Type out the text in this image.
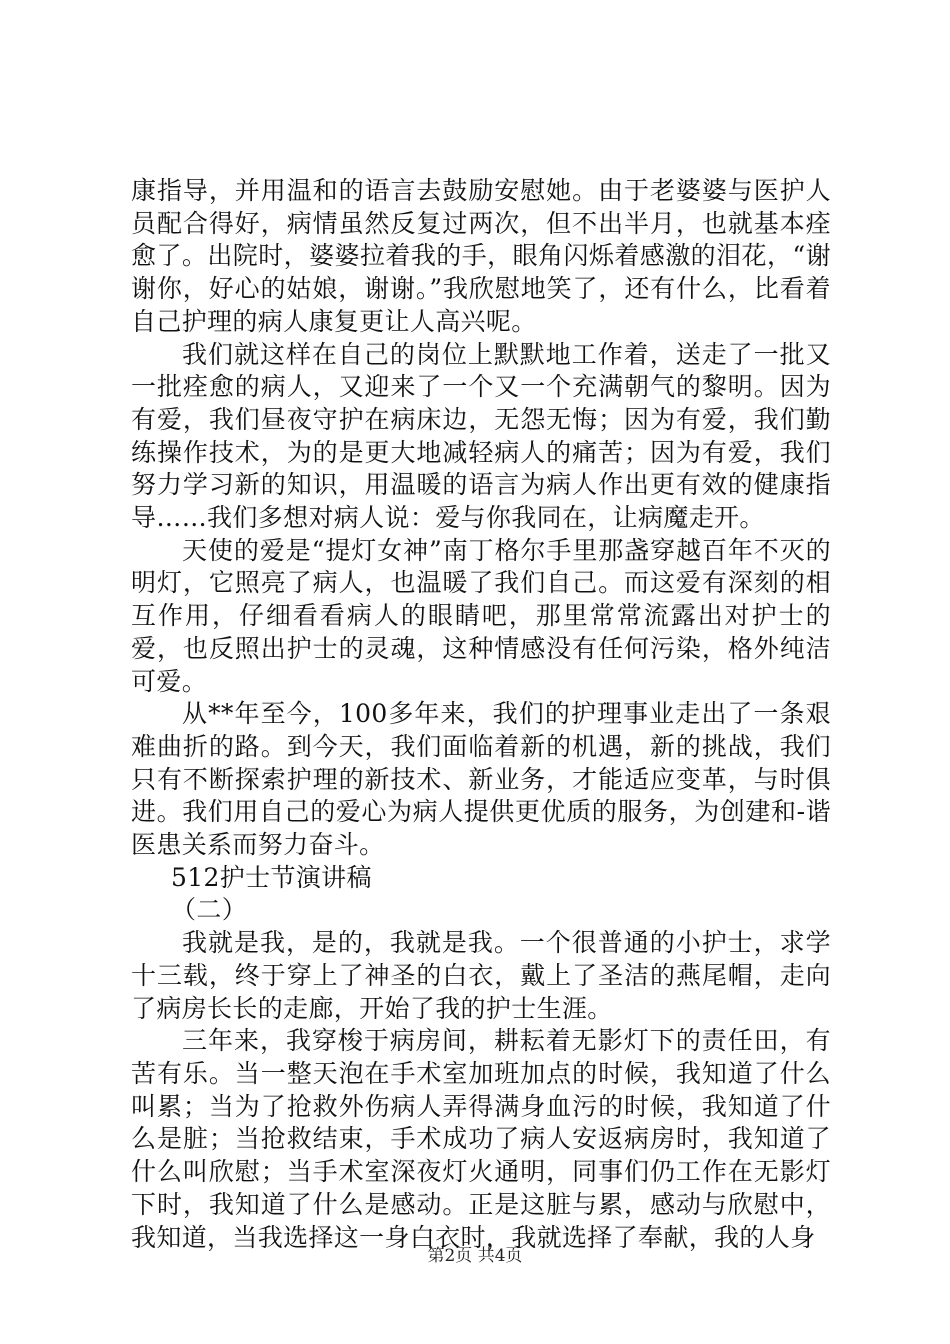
康指导，并用温和的语言去鼓励安慰她。由于老婆婆与医护人员配合得好，病情虽然反复过两次，但不出半月，也就基本痊愈了。出院时，婆婆拉着我的手，眼角闪烁着感激的泪花，“谢谢你，好心的姑娘，谢谢。”我欣慰地笑了，还有什么，比看着自己护理的病人康复更让人高兴呢。

我们就这样在自己的岗位上默默地工作着，送走了一批又一批痊愈的病人，又迎来了一个又一个充满朝气的黎明。因为有爱，我们昼夜守护在病床边，无怨无悔；因为有爱，我们勤练操作技术，为的是更大地减轻病人的痛苦；因为有爱，我们努力学习新的知识，用温暖的语言为病人作出更有效的健康指导……我们多想对病人说：爱与你我同在，让病魔走开。

天使的爱是“提灯女神”南丁格尔手里那盏穿越百年不灭的明灯，它照亮了病人，也温暖了我们自己。而这爱有深刻的相互作用，仔细看看病人的眼睛吧，那里常常流露出对护士的爱，也反照出护士的灵魂，这种情感没有任何污染，格外纯洁可爱。

从**年至今，100多年来，我们的护理事业走出了一条艰难曲折的路。到今天，我们面临着新的机遇，新的挑战，我们只有不断探索护理的新技术、新业务，才能适应变革，与时俱进。我们用自己的爱心为病人提供更优质的服务，为创建和-谐医患关系而努力奋斗。

512护士节演讲稿

（二）

我就是我，是的，我就是我。一个很普通的小护士，求学十三载，终于穿上了神圣的白衣，戴上了圣洁的燕尾帽，走向了病房长长的走廊，开始了我的护士生涯。

三年来，我穿梭于病房间，耕耘着无影灯下的责任田，有苦有乐。当一整天泡在手术室加班加点的时候，我知道了什么叫累；当为了抢救外伤病人弄得满身血污的时候，我知道了什么是脏；当抢救结束，手术成功了病人安返病房时，我知道了什么叫欣慰；当手术室深夜灯火通明，同事们仍工作在无影灯下时，我知道了什么是感动。正是这脏与累，感动与欣慰中，我知道，当我选择这一身白衣时，我就选择了奉献，我的人身

第2页 共4页
